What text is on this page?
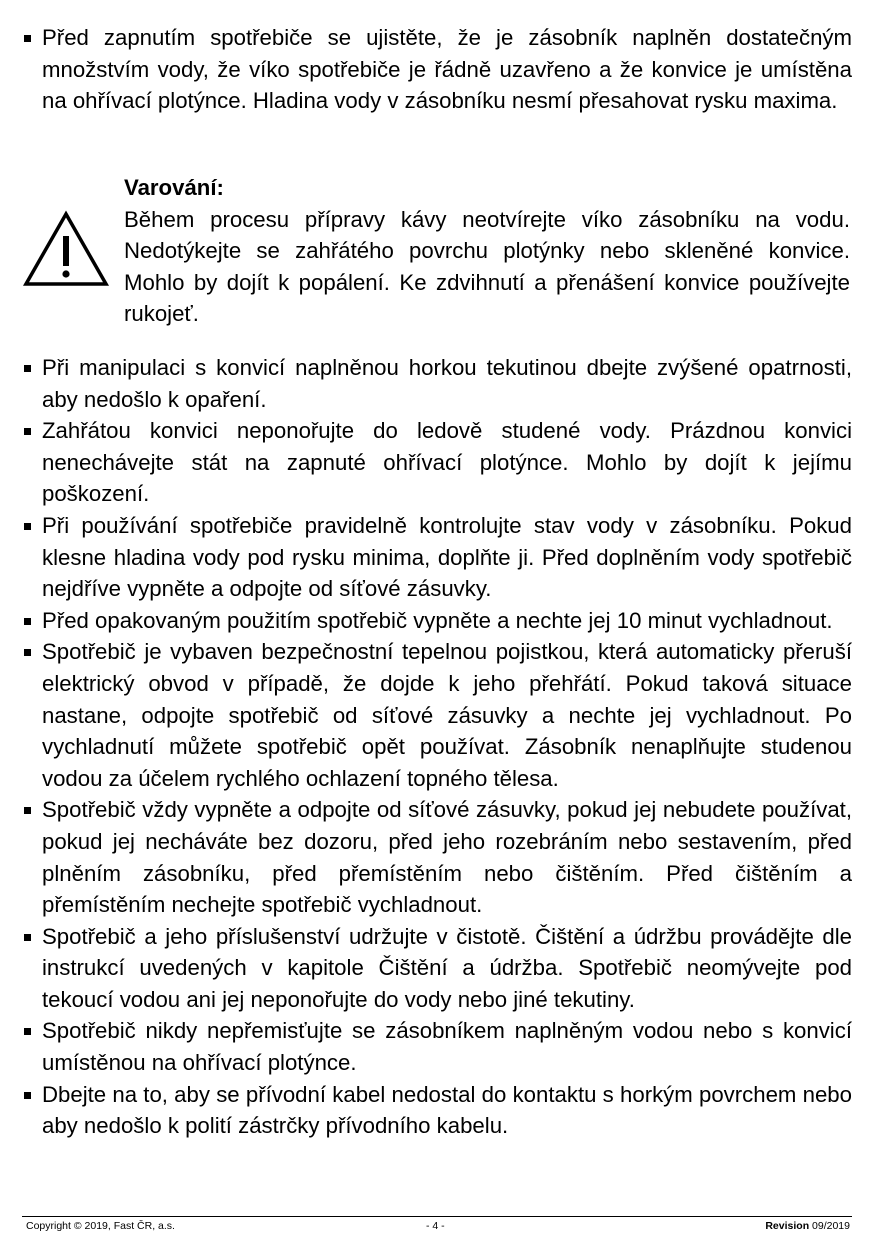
Před zapnutím spotřebiče se ujistěte, že je zásobník naplněn dostatečným množstvím vody, že víko spotřebiče je řádně uzavřeno a že konvice je umístěna na ohřívací plotýnce. Hladina vody v zásobníku nesmí přesahovat rysku maxima.
Varování:
Během procesu přípravy kávy neotvírejte víko zásobníku na vodu. Nedotýkejte se zahřátého povrchu plotýnky nebo skleněné konvice. Mohlo by dojít k popálení. Ke zdvihnutí a přenášení konvice používejte rukojeť.
Při manipulaci s konvicí naplněnou horkou tekutinou dbejte zvýšené opatrnosti, aby nedošlo k opaření.
Zahřátou konvici neponořujte do ledově studené vody. Prázdnou konvici nenechávejte stát na zapnuté ohřívací plotýnce. Mohlo by dojít k jejímu poškození.
Při používání spotřebiče pravidelně kontrolujte stav vody v zásobníku. Pokud klesne hladina vody pod rysku minima, doplňte ji. Před doplněním vody spotřebič nejdříve vypněte a odpojte od síťové zásuvky.
Před opakovaným použitím spotřebič vypněte a nechte jej 10 minut vychladnout.
Spotřebič je vybaven bezpečnostní tepelnou pojistkou, která automaticky přeruší elektrický obvod v případě, že dojde k jeho přehřátí. Pokud taková situace nastane, odpojte spotřebič od síťové zásuvky a nechte jej vychladnout. Po vychladnutí můžete spotřebič opět používat. Zásobník nenaplňujte studenou vodou za účelem rychlého ochlazení topného tělesa.
Spotřebič vždy vypněte a odpojte od síťové zásuvky, pokud jej nebudete používat, pokud jej necháváte bez dozoru, před jeho rozebráním nebo sestavením, před plněním zásobníku, před přemístěním nebo čištěním. Před čištěním a přemístěním nechejte spotřebič vychladnout.
Spotřebič a jeho příslušenství udržujte v čistotě. Čištění a údržbu provádějte dle instrukcí uvedených v kapitole Čištění a údržba. Spotřebič neomývejte pod tekoucí vodou ani jej neponořujte do vody nebo jiné tekutiny.
Spotřebič nikdy nepřemisťujte se zásobníkem naplněným vodou nebo s konvicí umístěnou na ohřívací plotýnce.
Dbejte na to, aby se přívodní kabel nedostal do kontaktu s horkým povrchem nebo aby nedošlo k polití zástrčky přívodního kabelu.
Copyright © 2019, Fast ČR, a.s.	- 4 -	Revision 09/2019
